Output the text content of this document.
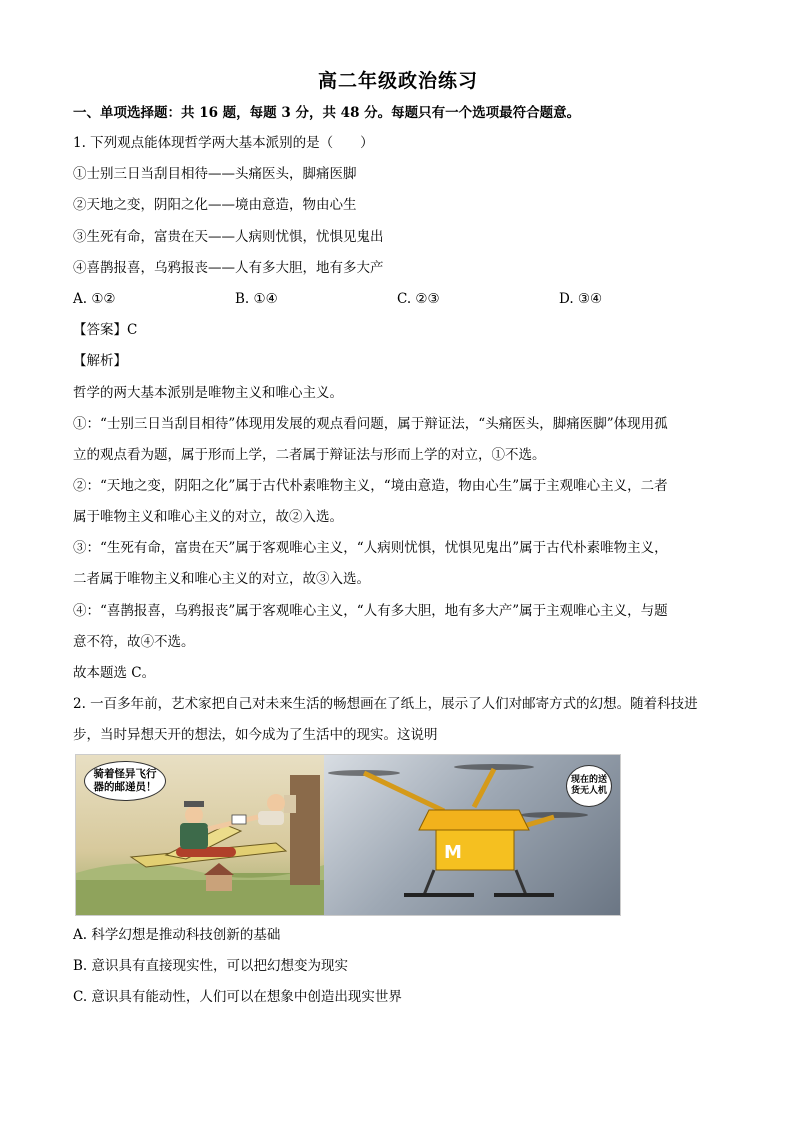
高二年级政治练习
一、单项选择题：共 16 题，每题 3 分，共 48 分。每题只有一个选项最符合题意。
1. 下列观点能体现哲学两大基本派别的是（　　）
①士别三日当刮目相待——头痛医头，脚痛医脚
②天地之变，阴阳之化——境由意造，物由心生
③生死有命，富贵在天——人病则忧惧，忧惧见鬼出
④喜鹊报喜，乌鸦报丧——人有多大胆，地有多大产
A. ①②	B. ①④	C. ②③	D. ③④
【答案】C
【解析】
哲学的两大基本派别是唯物主义和唯心主义。
①：“士别三日当刮目相待”体现用发展的观点看问题，属于辩证法，“头痛医头，脚痛医脚”体现用孤
立的观点看为题，属于形而上学，二者属于辩证法与形而上学的对立，①不选。
②：“天地之变，阴阳之化”属于古代朴素唯物主义，“境由意造，物由心生”属于主观唯心主义，二者
属于唯物主义和唯心主义的对立，故②入选。
③：“生死有命，富贵在天”属于客观唯心主义，“人病则忧惧，忧惧见鬼出”属于古代朴素唯物主义，
二者属于唯物主义和唯心主义的对立，故③入选。
④：“喜鹊报喜，乌鸦报丧”属于客观唯心主义，“人有多大胆，地有多大产”属于主观唯心主义，与题
意不符，故④不选。
故本题选 C。
2. 一百多年前，艺术家把自己对未来生活的畅想画在了纸上，展示了人们对邮寄方式的幻想。随着科技进
步，当时异想天开的想法，如今成为了生活中的现实。这说明
骑着怪异飞行
器的邮递员！
M
现在的送
货无人机
A. 科学幻想是推动科技创新的基础
B. 意识具有直接现实性，可以把幻想变为现实
C. 意识具有能动性，人们可以在想象中创造出现实世界
